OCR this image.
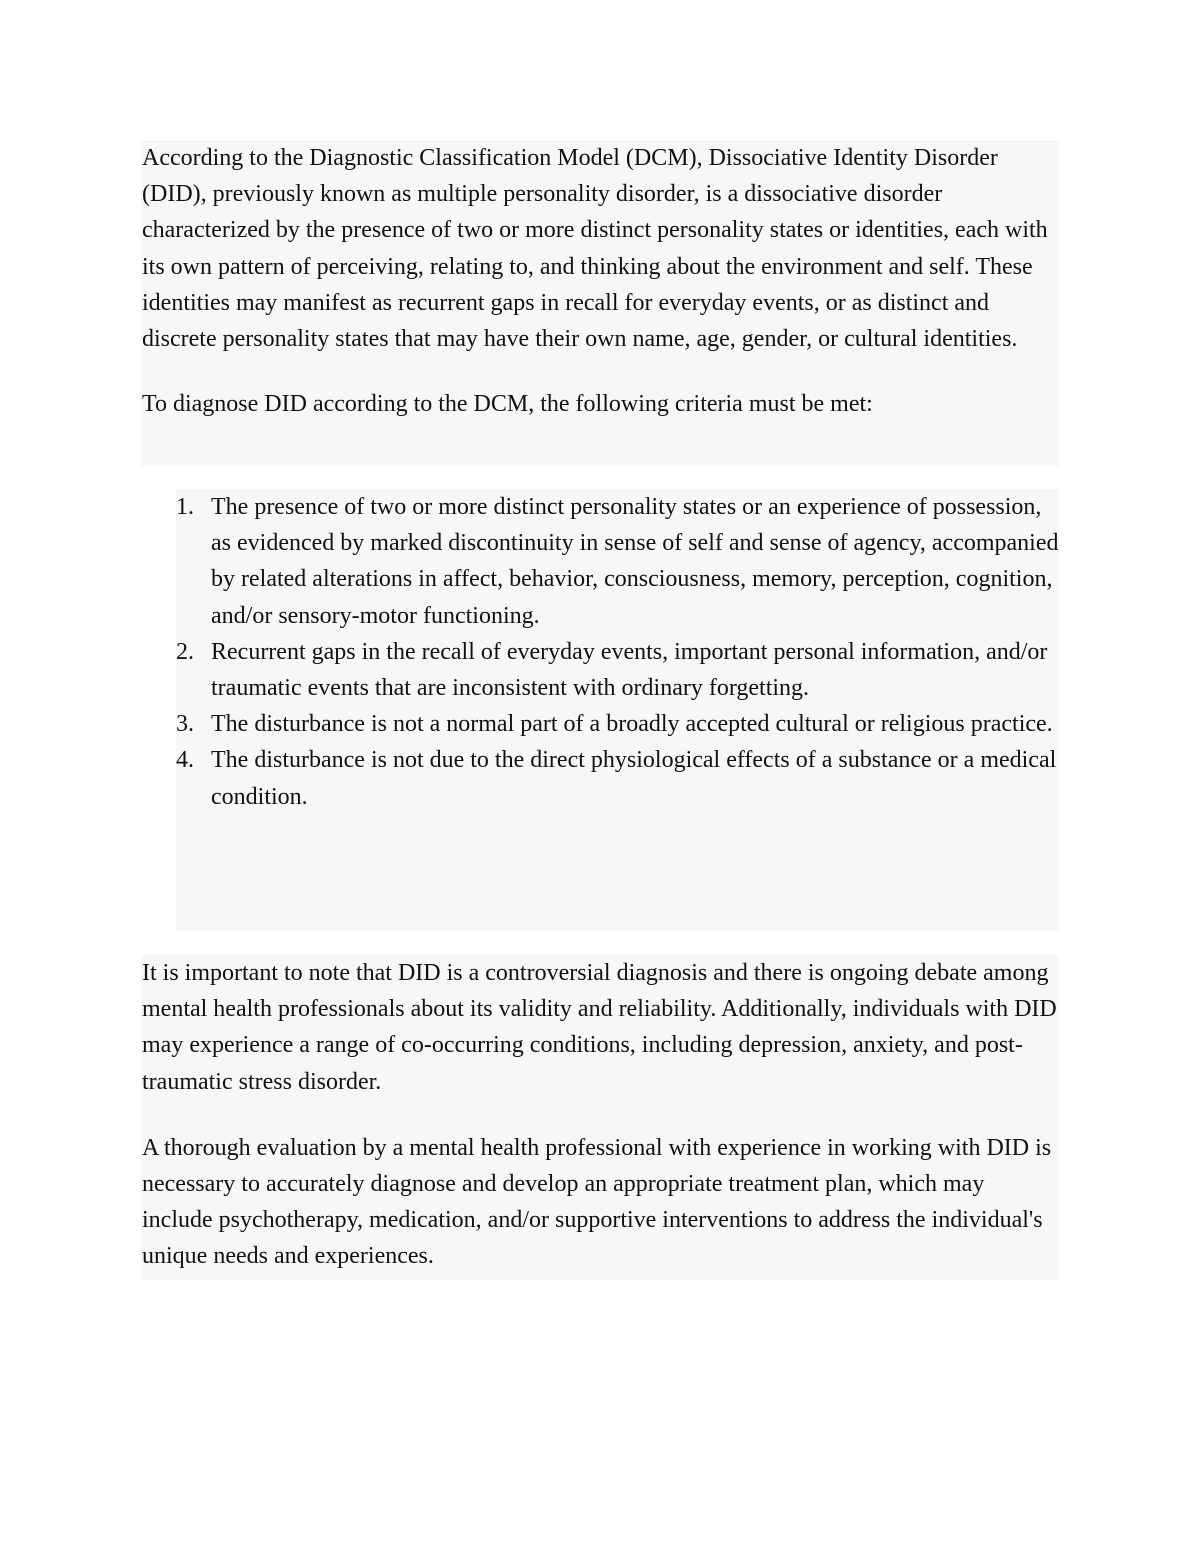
According to the Diagnostic Classification Model (DCM), Dissociative Identity Disorder (DID), previously known as multiple personality disorder, is a dissociative disorder characterized by the presence of two or more distinct personality states or identities, each with its own pattern of perceiving, relating to, and thinking about the environment and self. These identities may manifest as recurrent gaps in recall for everyday events, or as distinct and discrete personality states that may have their own name, age, gender, or cultural identities.

To diagnose DID according to the DCM, the following criteria must be met:

1. The presence of two or more distinct personality states or an experience of possession, as evidenced by marked discontinuity in sense of self and sense of agency, accompanied by related alterations in affect, behavior, consciousness, memory, perception, cognition, and/or sensory-motor functioning.
2. Recurrent gaps in the recall of everyday events, important personal information, and/or traumatic events that are inconsistent with ordinary forgetting.
3. The disturbance is not a normal part of a broadly accepted cultural or religious practice.
4. The disturbance is not due to the direct physiological effects of a substance or a medical condition.

It is important to note that DID is a controversial diagnosis and there is ongoing debate among mental health professionals about its validity and reliability. Additionally, individuals with DID may experience a range of co-occurring conditions, including depression, anxiety, and post-traumatic stress disorder.

A thorough evaluation by a mental health professional with experience in working with DID is necessary to accurately diagnose and develop an appropriate treatment plan, which may include psychotherapy, medication, and/or supportive interventions to address the individual's unique needs and experiences.
